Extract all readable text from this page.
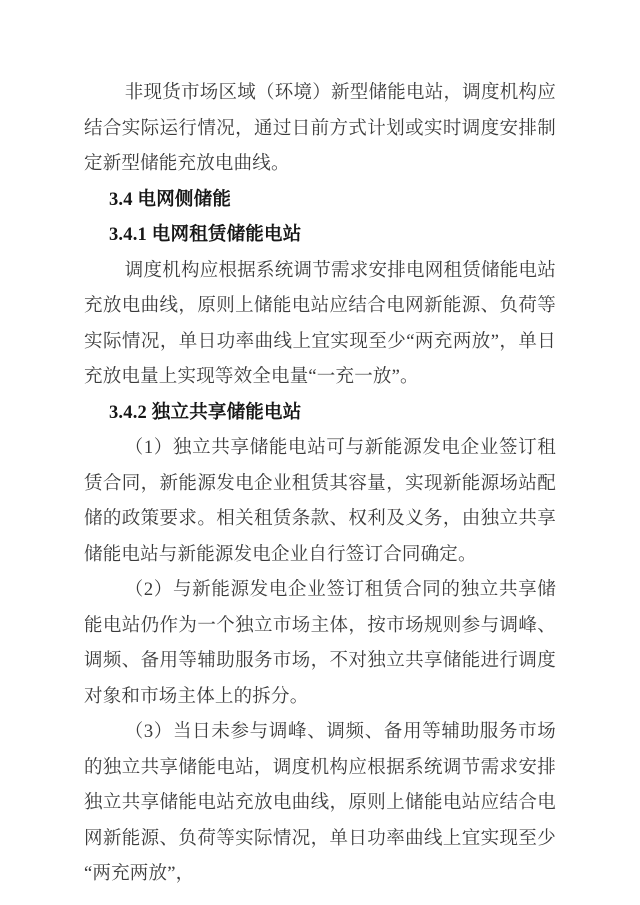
非现货市场区域（环境）新型储能电站，调度机构应结合实际运行情况，通过日前方式计划或实时调度安排制定新型储能充放电曲线。

3.4 电网侧储能
3.4.1 电网租赁储能电站

调度机构应根据系统调节需求安排电网租赁储能电站充放电曲线，原则上储能电站应结合电网新能源、负荷等实际情况，单日功率曲线上宜实现至少“两充两放”，单日充放电量上实现等效全电量“一充一放”。

3.4.2 独立共享储能电站

（1）独立共享储能电站可与新能源发电企业签订租赁合同，新能源发电企业租赁其容量，实现新能源场站配储的政策要求。相关租赁条款、权利及义务，由独立共享储能电站与新能源发电企业自行签订合同确定。

（2）与新能源发电企业签订租赁合同的独立共享储能电站仍作为一个独立市场主体，按市场规则参与调峰、调频、备用等辅助服务市场，不对独立共享储能进行调度对象和市场主体上的拆分。

（3）当日未参与调峰、调频、备用等辅助服务市场的独立共享储能电站，调度机构应根据系统调节需求安排独立共享储能电站充放电曲线，原则上储能电站应结合电网新能源、负荷等实际情况，单日功率曲线上宜实现至少“两充两放”，
